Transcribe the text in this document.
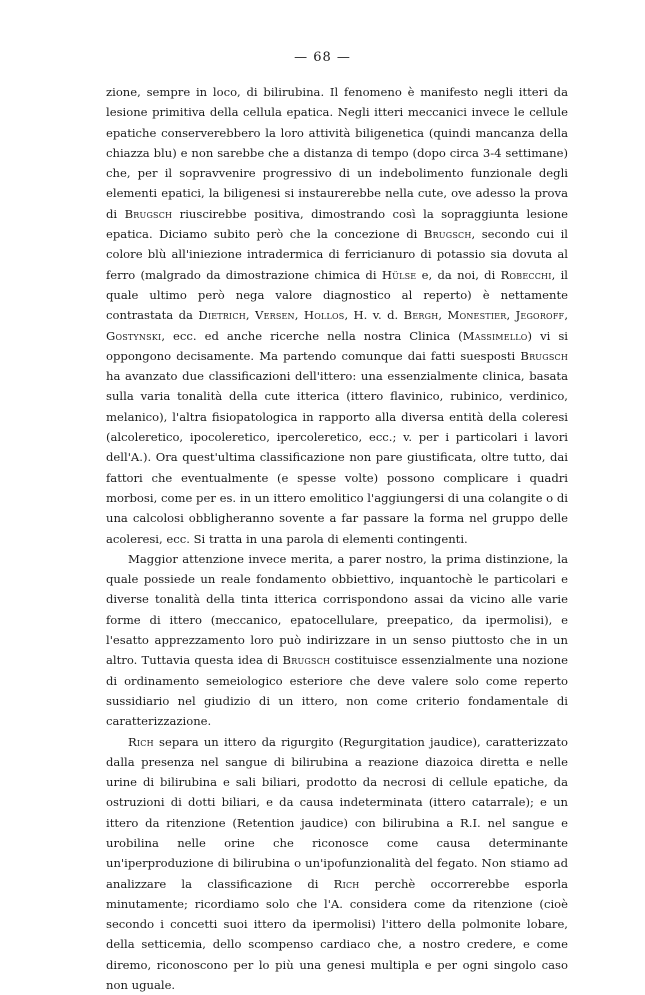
— 68 —

zione, sempre in loco, di bilirubina. Il fenomeno è manifesto negli itteri da lesione primitiva della cellula epatica. Negli itteri meccanici invece le cellule epatiche conserverebbero la loro attività biligenetica (quindi mancanza della chiazza blu) e non sarebbe che a distanza di tempo (dopo circa 3-4 settimane) che, per il sopravvenire progressivo di un indebolimento funzionale degli elementi epatici, la biligenesi si instaurerebbe nella cute, ove adesso la prova di Brugsch riuscirebbe positiva, dimostrando così la sopraggiunta lesione epatica. Diciamo subito però che la concezione di Brugsch, secondo cui il colore blù all'iniezione intradermica di ferricianuro di potassio sia dovuta al ferro (malgrado da dimostrazione chimica di Hülse e, da noi, di Robecchi, il quale ultimo però nega valore diagnostico al reperto) è nettamente contrastata da Dietrich, Versen, Hollos, H. v. d. Bergh, Monestier, Jegoroff, Gostynski, ecc. ed anche ricerche nella nostra Clinica (Massimello) vi si oppongono decisamente. Ma partendo comunque dai fatti suesposti Brugsch ha avanzato due classificazioni dell'ittero: una essenzialmente clinica, basata sulla varia tonalità della cute itterica (ittero flavinico, rubinico, verdinico, melanico), l'altra fisiopatologica in rapporto alla diversa entità della coleresi (alcoleretico, ipocoleretico, ipercoleretico, ecc.; v. per i particolari i lavori dell'A.). Ora quest'ultima classificazione non pare giustificata, oltre tutto, dai fattori che eventualmente (e spesse volte) possono complicare i quadri morbosi, come per es. in un ittero emolitico l'aggiungersi di una colangite o di una calcolosi obbligheranno sovente a far passare la forma nel gruppo delle acoleresi, ecc. Si tratta in una parola di elementi contingenti.

Maggior attenzione invece merita, a parer nostro, la prima distinzione, la quale possiede un reale fondamento obbiettivo, inquantochè le particolari e diverse tonalità della tinta itterica corrispondono assai da vicino alle varie forme di ittero (meccanico, epatocellulare, preepatico, da ipermolisi), e l'esatto apprezzamento loro può indirizzare in un senso piuttosto che in un altro. Tuttavia questa idea di Brugsch costituisce essenzialmente una nozione di ordinamento semeiologico esteriore che deve valere solo come reperto sussidiario nel giudizio di un ittero, non come criterio fondamentale di caratterizzazione.

Rich separa un ittero da rigurgito (Regurgitation jaudice), caratterizzato dalla presenza nel sangue di bilirubina a reazione diazoica diretta e nelle urine di bilirubina e sali biliari, prodotto da necrosi di cellule epatiche, da ostruzioni di dotti biliari, e da causa indeterminata (ittero catarrale); e un ittero da ritenzione (Retention jaudice) con bilirubina a R.I. nel sangue e urobilina nelle orine che riconosce come causa determinante un'iperproduzione di bilirubina o un'ipofunzionalità del fegato. Non stiamo ad analizzare la classificazione di Rich perchè occorrerebbe esporla minutamente; ricordiamo solo che l'A. considera come da ritenzione (cioè secondo i concetti suoi ittero da ipermolisi) l'ittero della polmonite lobare, della setticemia, dello scompenso cardiaco che, a nostro credere, e come diremo, riconoscono per lo più una genesi multipla e per ogni singolo caso non uguale.
